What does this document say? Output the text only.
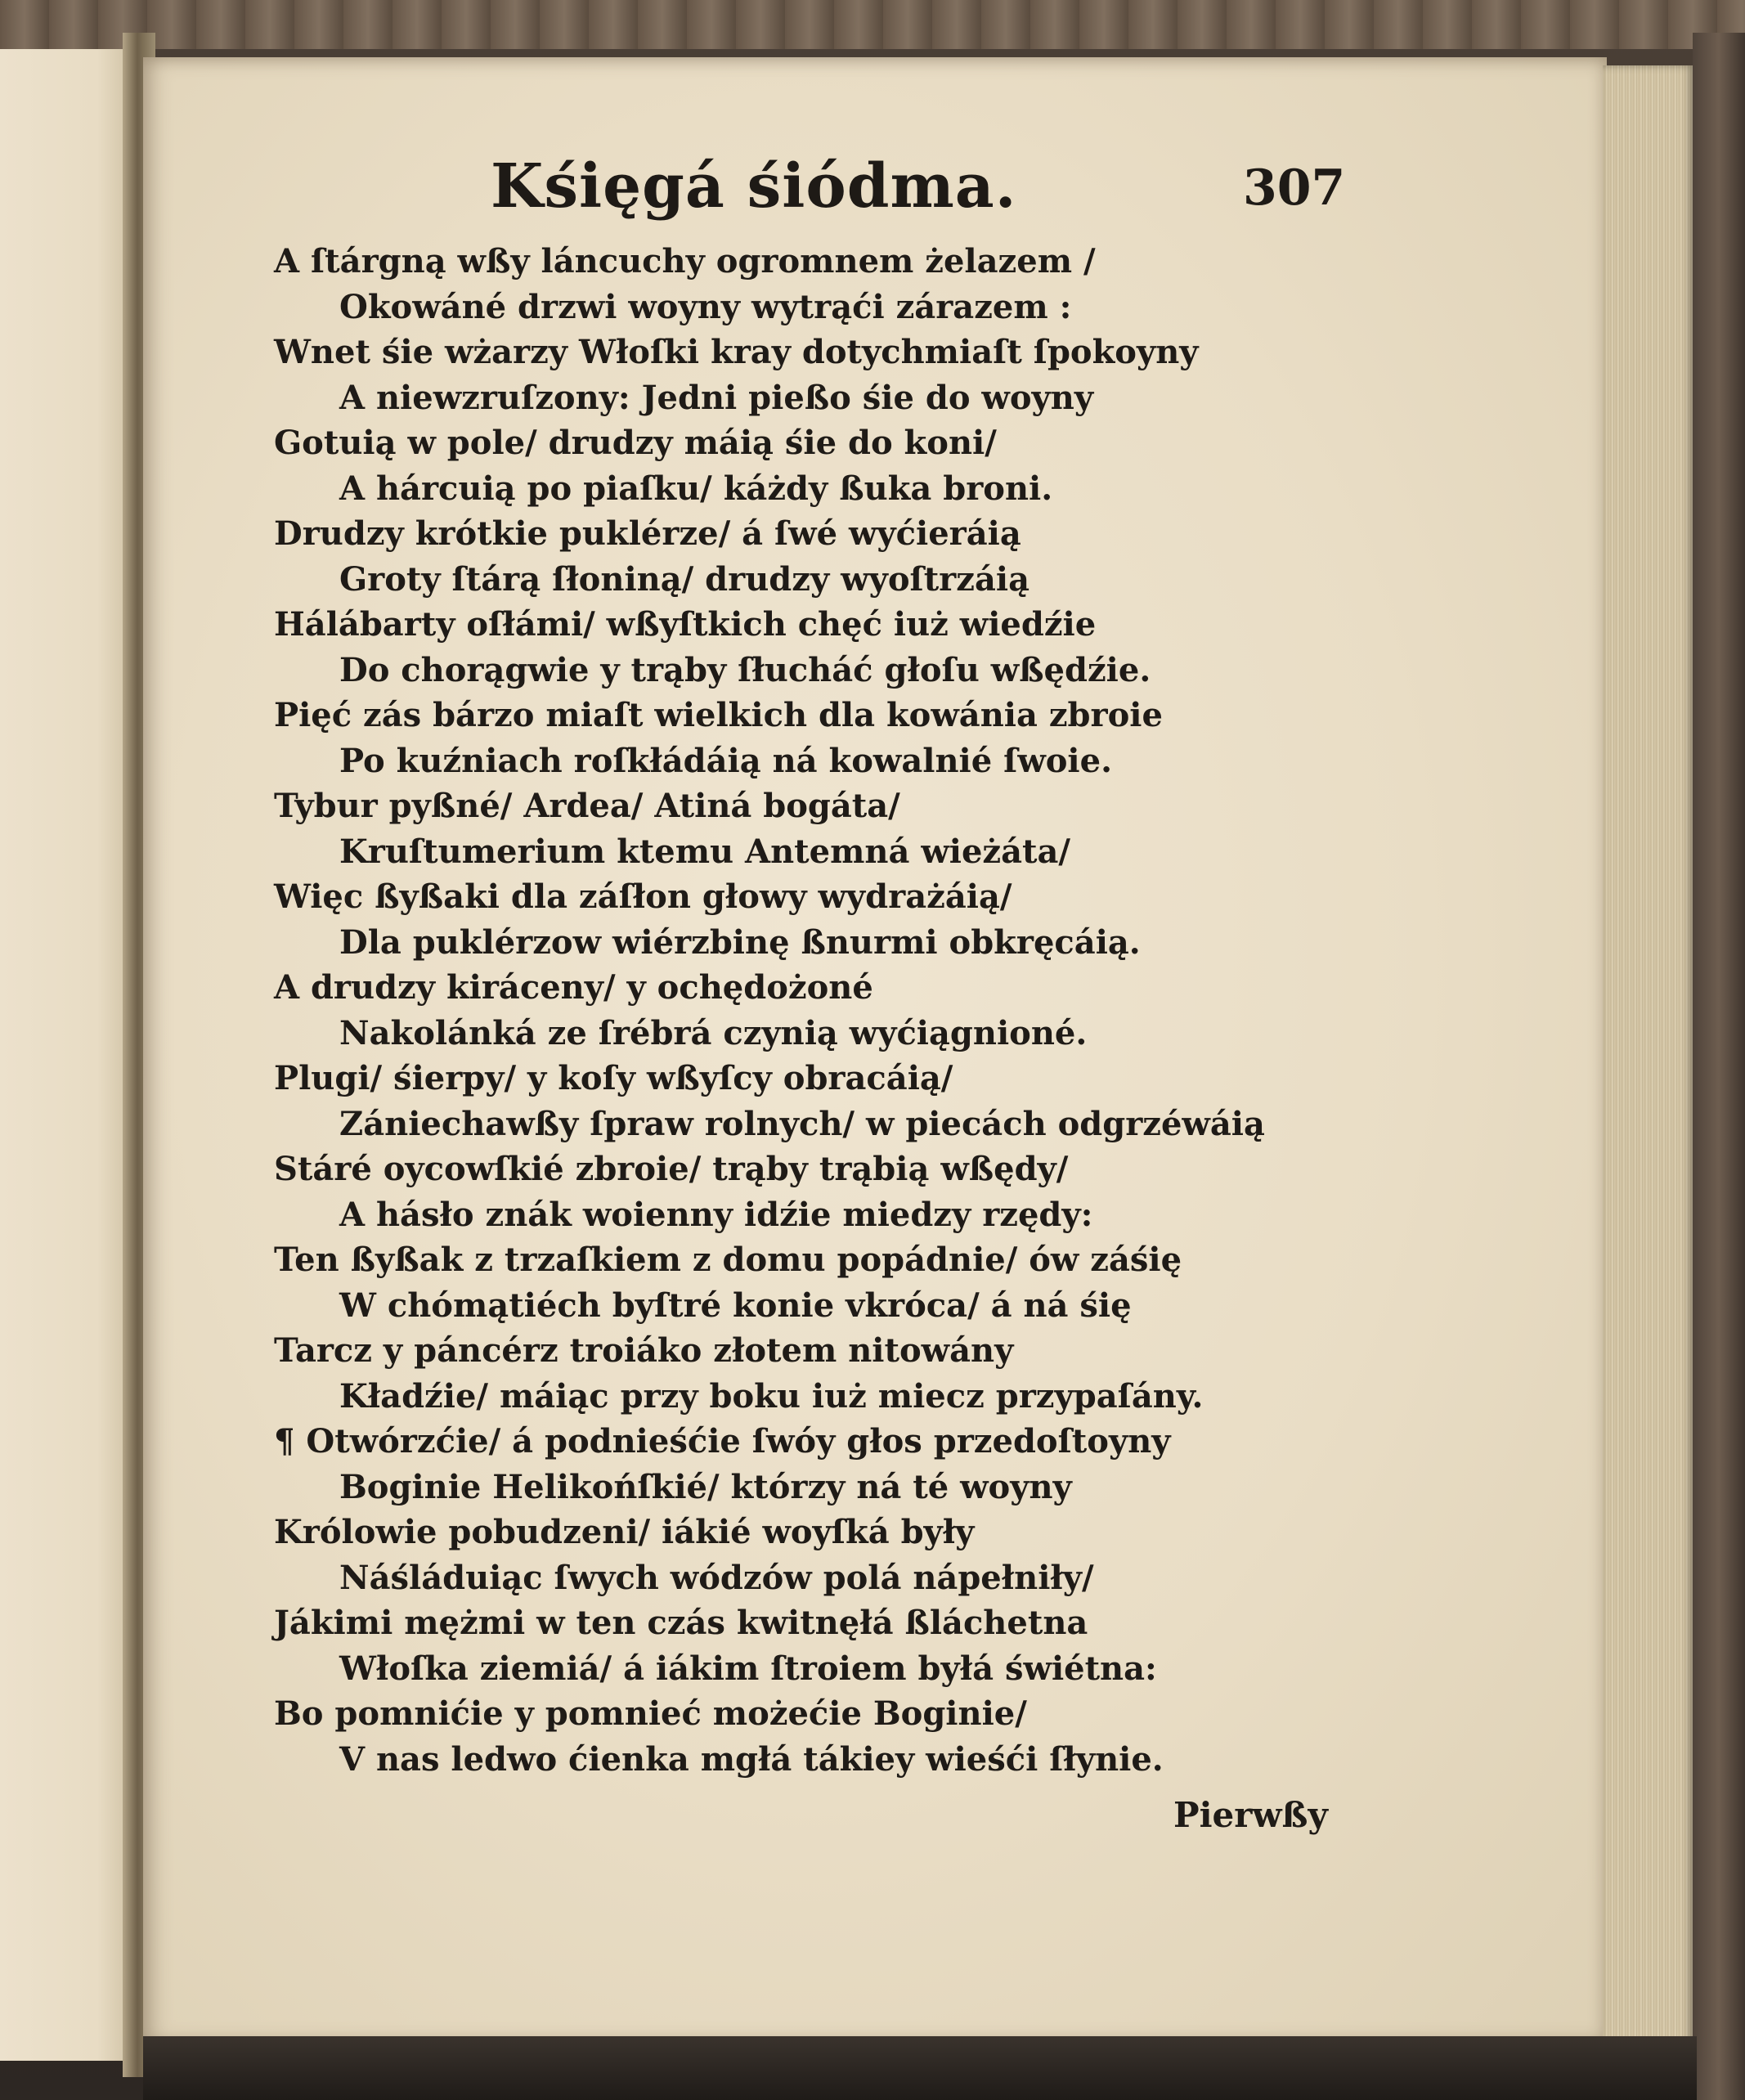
Kśięgá śiódma.	307
A ſtárgną wßy láncuchy ogromnem żelazem /
Okowáné drzwi woyny wytrąći zárazem :
Wnet śie wżarzy Włoſki kray dotychmiaſt ſpokoyny
A niewzruſzony: Jedni pießo śie do woyny
Gotuią w pole/ drudzy máią śie do koni/
A hárcuią po piaſku/ káżdy ßuka broni.
Drudzy krótkie puklérze/ á ſwé wyćieráią
Groty ſtárą ſłoniną/ drudzy wyoſtrzáią
Hálábarty oſłámi/ wßyſtkich chęć iuż wiedźie
Do chorągwie y trąby ſłucháć głoſu wßędźie.
Pięć zás bárzo miaſt wielkich dla kowánia zbroie
Po kuźniach roſkłádáią ná kowalnié ſwoie.
Tybur pyßné/ Ardea/ Atiná bogáta/
Kruſtumerium ktemu Antemná wieżáta/
Więc ßyßaki dla záſłon głowy wydrażáią/
Dla puklérzow wiérzbinę ßnurmi obkręcáią.
A drudzy kiráceny/ y ochędożoné
Nakolánká ze ſrébrá czynią wyćiągnioné.
Plugi/ śierpy/ y koſy wßyſcy obracáią/
Zániechawßy ſpraw rolnych/ w piecách odgrzéwáią
Stáré oycowſkié zbroie/ trąby trąbią wßędy/
A hásło znák woienny idźie miedzy rzędy:
Ten ßyßak z trzaſkiem z domu popádnie/ ów záśię
W chómątiéch byſtré konie vkróca/ á ná śię
Tarcz y páncérz troiáko złotem nitowány
Kładźie/ máiąc przy boku iuż miecz przypaſány.
¶ Otwórzćie/ á podnieśćie ſwóy głos przedoſtoyny
Boginie Helikońſkié/ którzy ná té woyny
Królowie pobudzeni/ iákié woyſká były
Náśláduiąc ſwych wódzów polá nápełniły/
Jákimi mężmi w ten czás kwitnęłá ßláchetna
Włoſka ziemiá/ á iákim ſtroiem byłá świétna:
Bo pomnićie y pomnieć możećie Boginie/
V nas ledwo ćienka mgłá tákiey wieśći ſłynie.
Pierwßy
